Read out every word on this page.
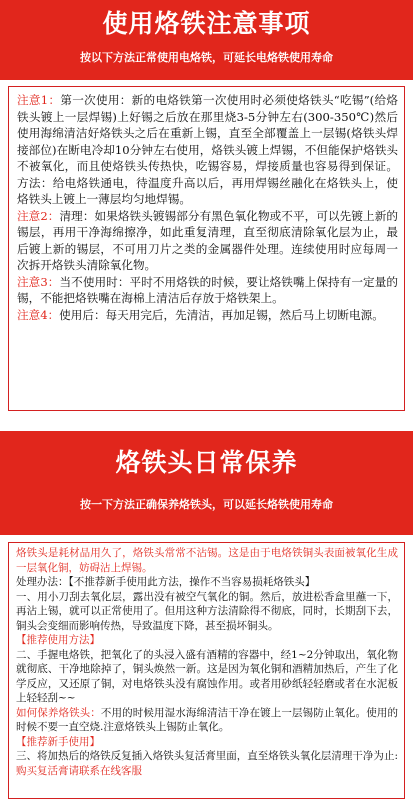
使用烙铁注意事项
按以下方法正常使用电烙铁，可延长电烙铁使用寿命

注意1：第一次使用：新的电烙铁第一次使用时必须使烙铁头“吃锡”(给烙铁头镀上一层焊锡)上好锡之后放在那里烧3-5分钟左右(300-350℃)然后使用海绵清洁好烙铁头之后在重新上锡，直至全部覆盖上一层锡(烙铁头焊接部位)在断电冷却10分钟左右使用，烙铁头镀上焊锡，不但能保护烙铁头不被氧化，而且使烙铁头传热快，吃锡容易，焊接质量也容易得到保证。方法：给电烙铁通电，待温度升高以后，再用焊锡丝融化在烙铁头上，使烙铁头上镀上一薄层均匀地焊锡。

注意2：清理：如果烙铁头镀锡部分有黑色氧化物或不平，可以先镀上新的锡层，再用干净海绵擦净，如此重复清理，直至彻底清除氧化层为止，最后镀上新的锡层，不可用刀片之类的金属器件处理。连续使用时应每周一次拆开烙铁头清除氧化物。

注意3：当不使用时：平时不用烙铁的时候，要让烙铁嘴上保持有一定量的锡，不能把烙铁嘴在海棉上清洁后存放于烙铁架上。

注意4：使用后：每天用完后，先清洁，再加足锡，然后马上切断电源。

烙铁头日常保养
按一下方法正确保养烙铁头，可以延长烙铁使用寿命

烙铁头是耗材品用久了，烙铁头常常不沾锡。这是由于电烙铁铜头表面被氧化生成一层氧化铜，妨碍沾上焊锡。

处理办法：【不推荐新手使用此方法，操作不当容易损耗烙铁头】

一、用小刀刮去氧化层，露出没有被空气氧化的铜。然后，放进松香盒里蘸一下，再沾上锡，就可以正常使用了。但用这种方法清除得不彻底，同时，长期刮下去，铜头会变细而影响传热，导致温度下降，甚至损坏铜头。

【推荐使用方法】

二、手握电烙铁，把氧化了的头浸入盛有酒精的容器中，经1~2分钟取出，氧化物就彻底、干净地除掉了，铜头焕然一新。这是因为氧化铜和酒精加热后，产生了化学反应，又还原了铜，对电烙铁头没有腐蚀作用。或者用砂纸轻轻磨或者在水泥板上轻轻刮~~

如何保养烙铁头：不用的时候用湿水海绵清洁干净在镀上一层锡防止氧化。使用的时候不要一直空烧.注意烙铁头上锡防止氧化。

【推荐新手使用】

三、将加热后的烙铁反复插入烙铁头复活膏里面，直至烙铁头氧化层清理干净为止:购买复活膏请联系在线客服
